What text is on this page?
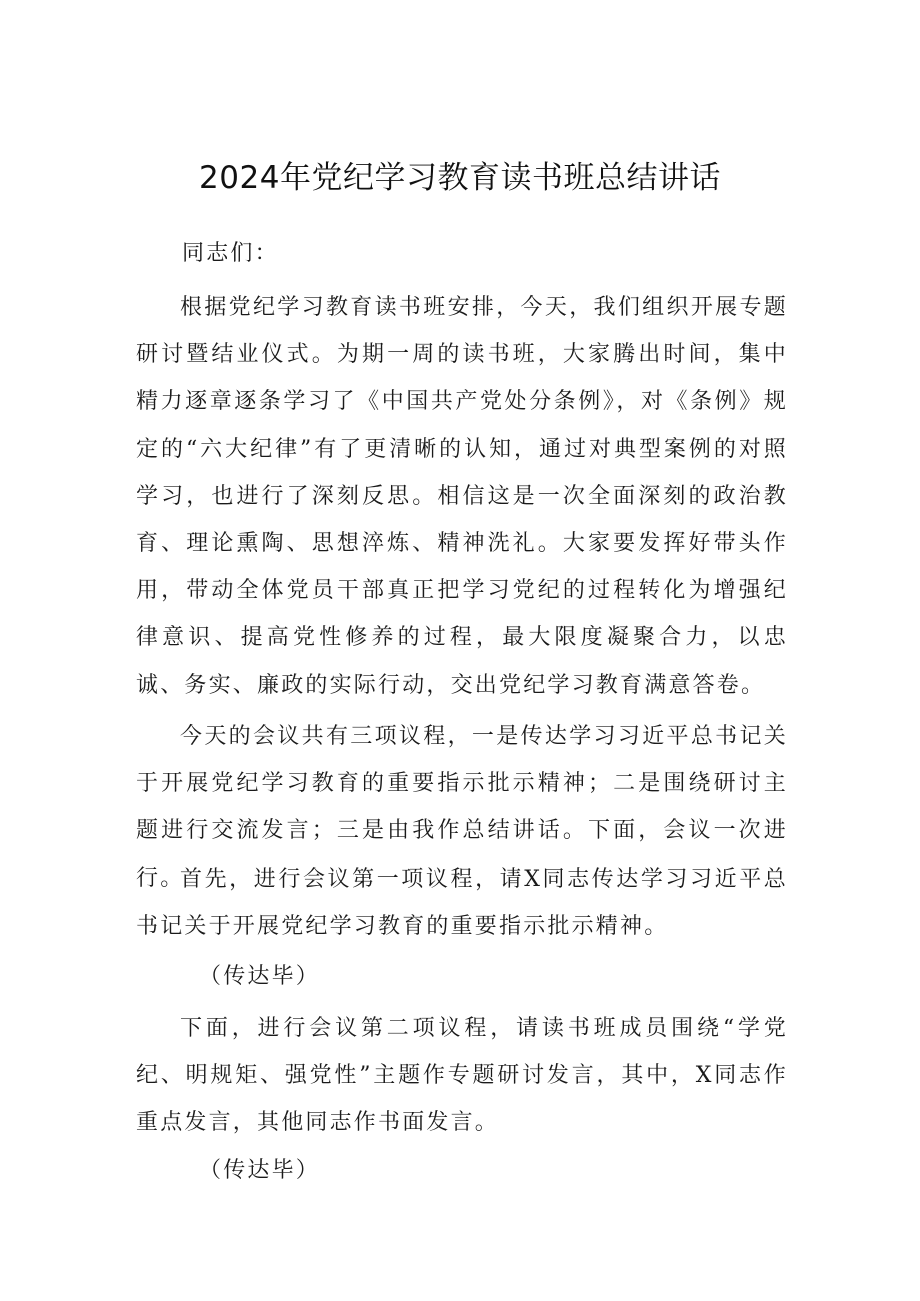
2024年党纪学习教育读书班总结讲话

同志们：

根据党纪学习教育读书班安排，今天，我们组织开展专题研讨暨结业仪式。为期一周的读书班，大家腾出时间，集中精力逐章逐条学习了《中国共产党处分条例》，对《条例》规定的“六大纪律”有了更清晰的认知，通过对典型案例的对照学习，也进行了深刻反思。相信这是一次全面深刻的政治教育、理论熏陶、思想淬炼、精神洗礼。大家要发挥好带头作用，带动全体党员干部真正把学习党纪的过程转化为增强纪律意识、提高党性修养的过程，最大限度凝聚合力，以忠诚、务实、廉政的实际行动，交出党纪学习教育满意答卷。

今天的会议共有三项议程，一是传达学习习近平总书记关于开展党纪学习教育的重要指示批示精神；二是围绕研讨主题进行交流发言；三是由我作总结讲话。下面，会议一次进行。

首先，进行会议第一项议程，请X同志传达学习习近平总书记关于开展党纪学习教育的重要指示批示精神。

（传达毕）

下面，进行会议第二项议程，请读书班成员围绕“学党纪、明规矩、强党性”主题作专题研讨发言，其中，X同志作重点发言，其他同志作书面发言。

（传达毕）
